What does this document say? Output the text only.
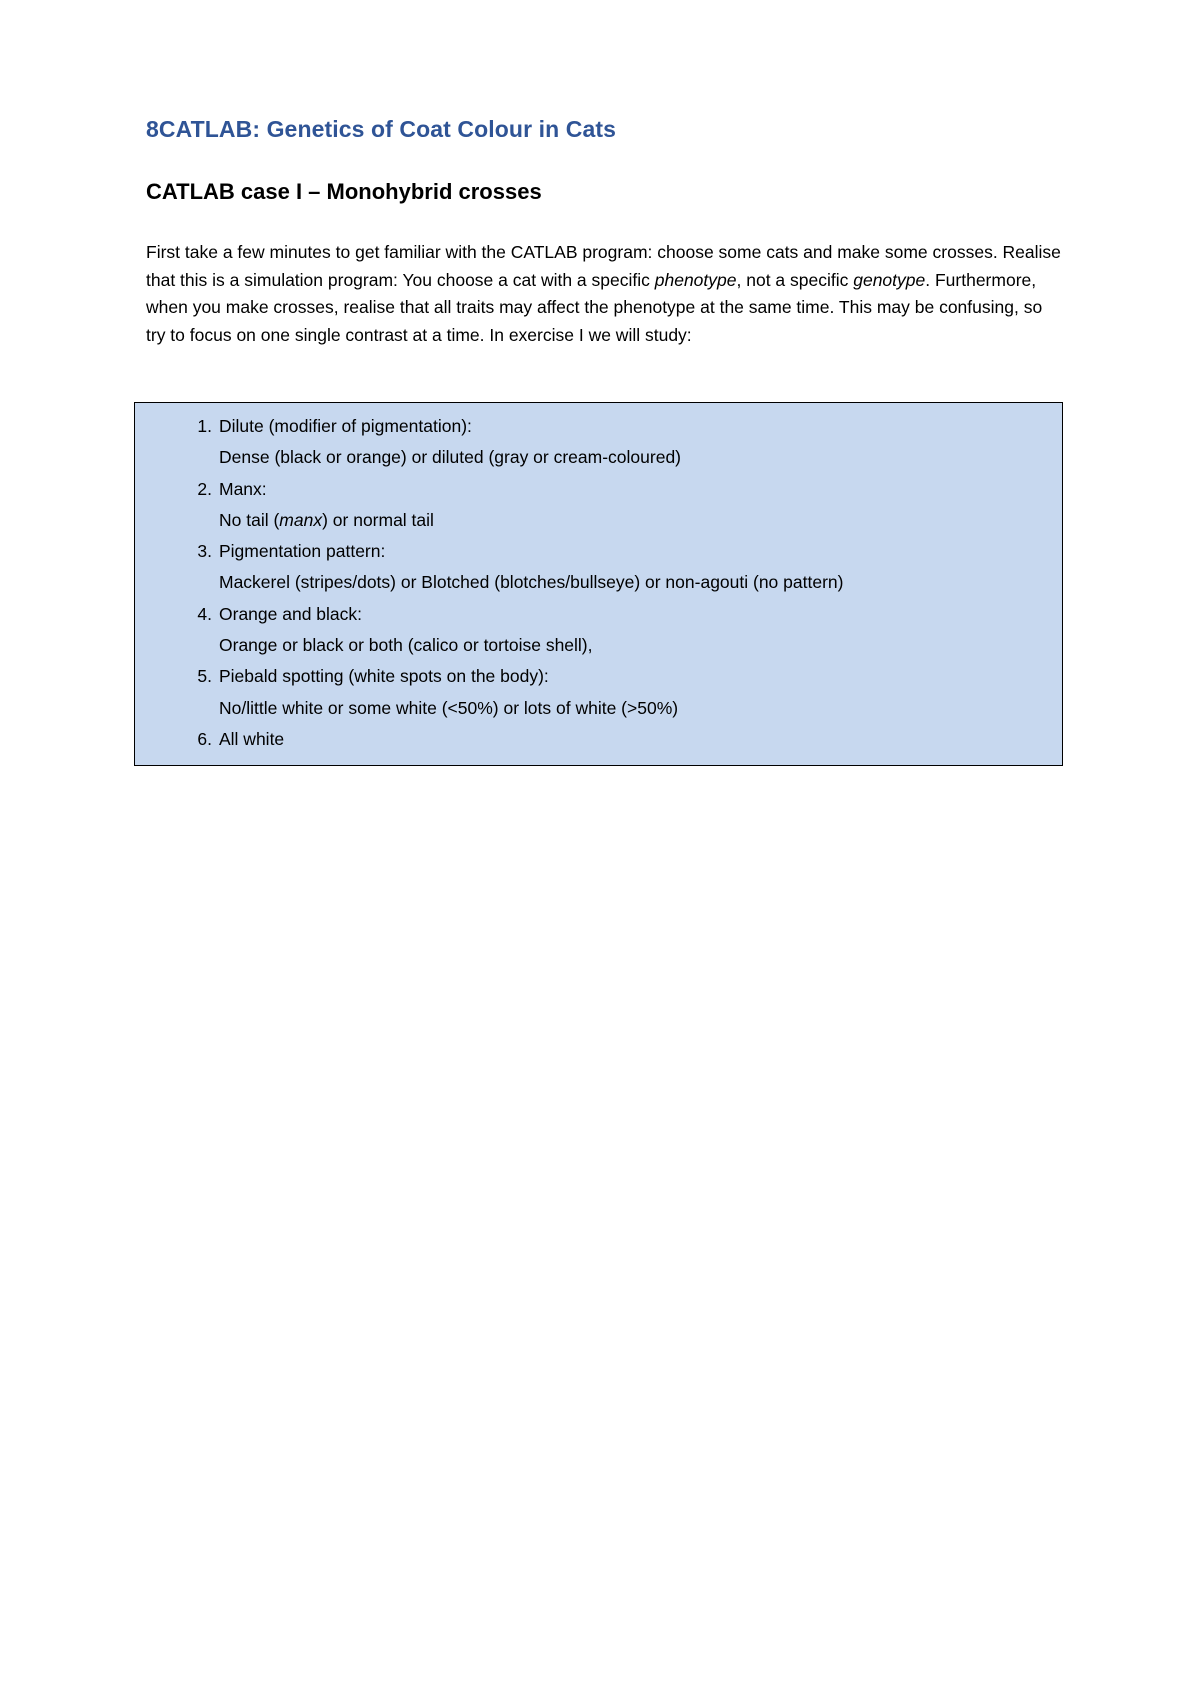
8CATLAB: Genetics of Coat Colour in Cats
CATLAB case I – Monohybrid crosses

First take a few minutes to get familiar with the CATLAB program: choose some cats and make some crosses. Realise that this is a simulation program: You choose a cat with a specific phenotype, not a specific genotype. Furthermore, when you make crosses, realise that all traits may affect the phenotype at the same time. This may be confusing, so try to focus on one single contrast at a time. In exercise I we will study:

1. Dilute (modifier of pigmentation):
Dense (black or orange) or diluted (gray or cream-coloured)
2. Manx:
No tail (manx) or normal tail
3. Pigmentation pattern:
Mackerel (stripes/dots) or Blotched (blotches/bullseye) or non-agouti (no pattern)
4. Orange and black:
Orange or black or both (calico or tortoise shell),
5. Piebald spotting (white spots on the body):
No/little white or some white (<50%) or lots of white (>50%)
6. All white
